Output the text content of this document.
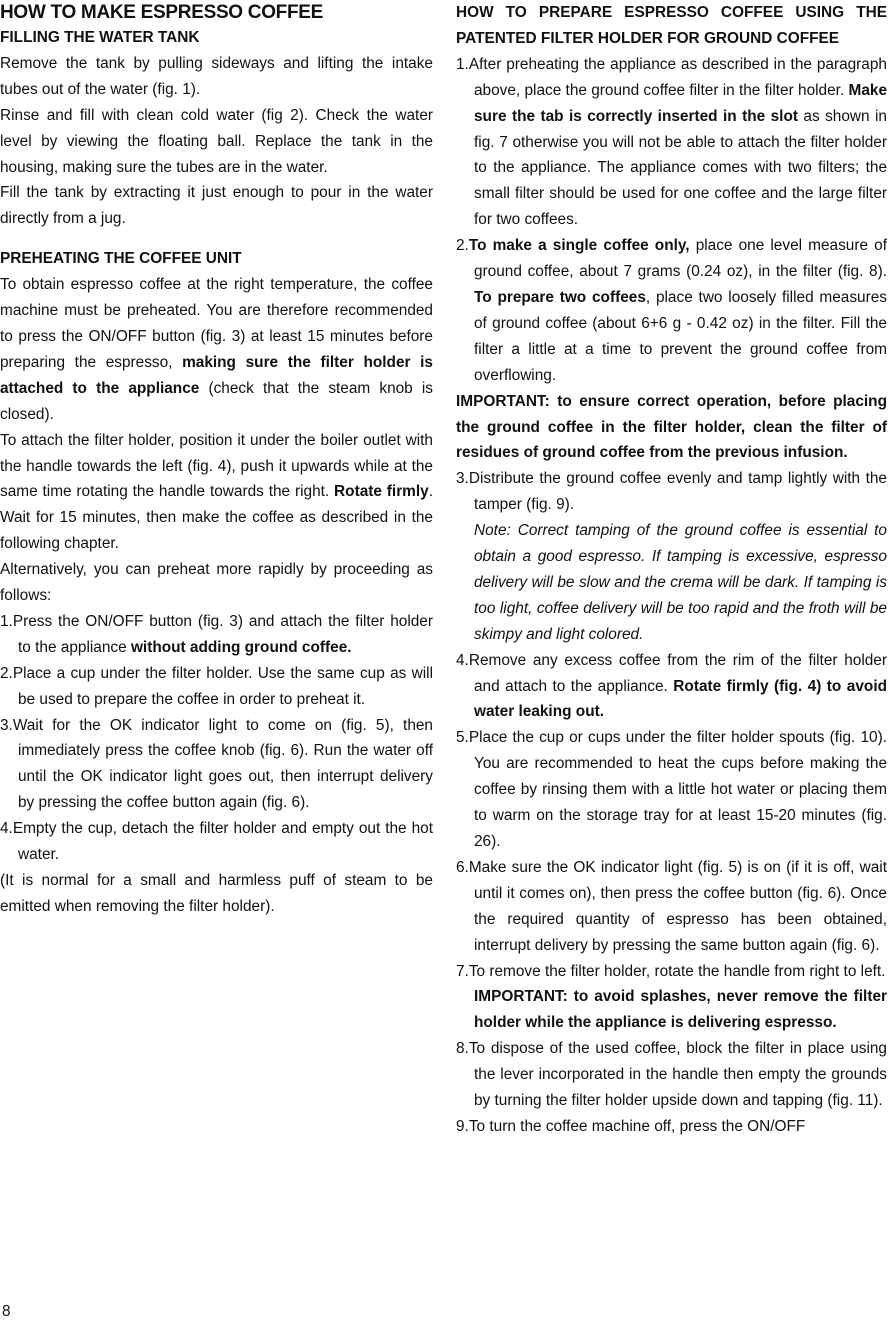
HOW TO MAKE ESPRESSO COFFEE
FILLING THE WATER TANK

Remove the tank by pulling sideways and lifting the intake tubes out of the water (fig. 1).

Rinse and fill with clean cold water (fig 2). Check the water level by viewing the floating ball. Replace the tank in the housing, making sure the tubes are in the water.

Fill the tank by extracting it just enough to pour in the water directly from a jug.

PREHEATING THE COFFEE UNIT

To obtain espresso coffee at the right temperature, the coffee machine must be preheated. You are therefore recommended to press the ON/OFF button (fig. 3) at least 15 minutes before preparing the espresso, making sure the filter holder is attached to the appliance (check that the steam knob is closed).

To attach the filter holder, position it under the boiler outlet with the handle towards the left (fig. 4), push it upwards while at the same time rotating the handle towards the right. Rotate firmly. Wait for 15 minutes, then make the coffee as described in the following chapter.

Alternatively, you can preheat more rapidly by proceeding as follows:

1.Press the ON/OFF button (fig. 3) and attach the filter holder to the appliance without adding ground coffee.

2.Place a cup under the filter holder. Use the same cup as will be used to prepare the coffee in order to preheat it.

3.Wait for the OK indicator light to come on (fig. 5), then immediately press the coffee knob (fig. 6). Run the water off until the OK indicator light goes out, then interrupt delivery by pressing the coffee button again (fig. 6).

4.Empty the cup, detach the filter holder and empty out the hot water.

(It is normal for a small and harmless puff of steam to be emitted when removing the filter holder).

HOW TO PREPARE ESPRESSO COFFEE USING THE PATENTED FILTER HOLDER FOR GROUND COFFEE

1.After preheating the appliance as described in the paragraph above, place the ground coffee filter in the filter holder. Make sure the tab is correctly inserted in the slot as shown in fig. 7 otherwise you will not be able to attach the filter holder to the appliance. The appliance comes with two filters; the small filter should be used for one coffee and the large filter for two coffees.

2.To make a single coffee only, place one level measure of ground coffee, about 7 grams (0.24 oz), in the filter (fig. 8). To prepare two coffees, place two loosely filled measures of ground coffee (about 6+6 g - 0.42 oz) in the filter. Fill the filter a little at a time to prevent the ground coffee from overflowing.

IMPORTANT: to ensure correct operation, before placing the ground coffee in the filter holder, clean the filter of residues of ground coffee from the previous infusion.

3.Distribute the ground coffee evenly and tamp lightly with the tamper (fig. 9).

Note: Correct tamping of the ground coffee is essential to obtain a good espresso. If tamping is excessive, espresso delivery will be slow and the crema will be dark. If tamping is too light, coffee delivery will be too rapid and the froth will be skimpy and light colored.

4.Remove any excess coffee from the rim of the filter holder and attach to the appliance. Rotate firmly (fig. 4) to avoid water leaking out.

5.Place the cup or cups under the filter holder spouts (fig. 10). You are recommended to heat the cups before making the coffee by rinsing them with a little hot water or placing them to warm on the storage tray for at least 15-20 minutes (fig. 26).

6.Make sure the OK indicator light (fig. 5) is on (if it is off, wait until it comes on), then press the coffee button (fig. 6). Once the required quantity of espresso has been obtained, interrupt delivery by pressing the same button again (fig. 6).

7.To remove the filter holder, rotate the handle from right to left.

IMPORTANT: to avoid splashes, never remove the filter holder while the appliance is delivering espresso.

8.To dispose of the used coffee, block the filter in place using the lever incorporated in the handle then empty the grounds by turning the filter holder upside down and tapping (fig. 11).

9.To turn the coffee machine off, press the ON/OFF

8
